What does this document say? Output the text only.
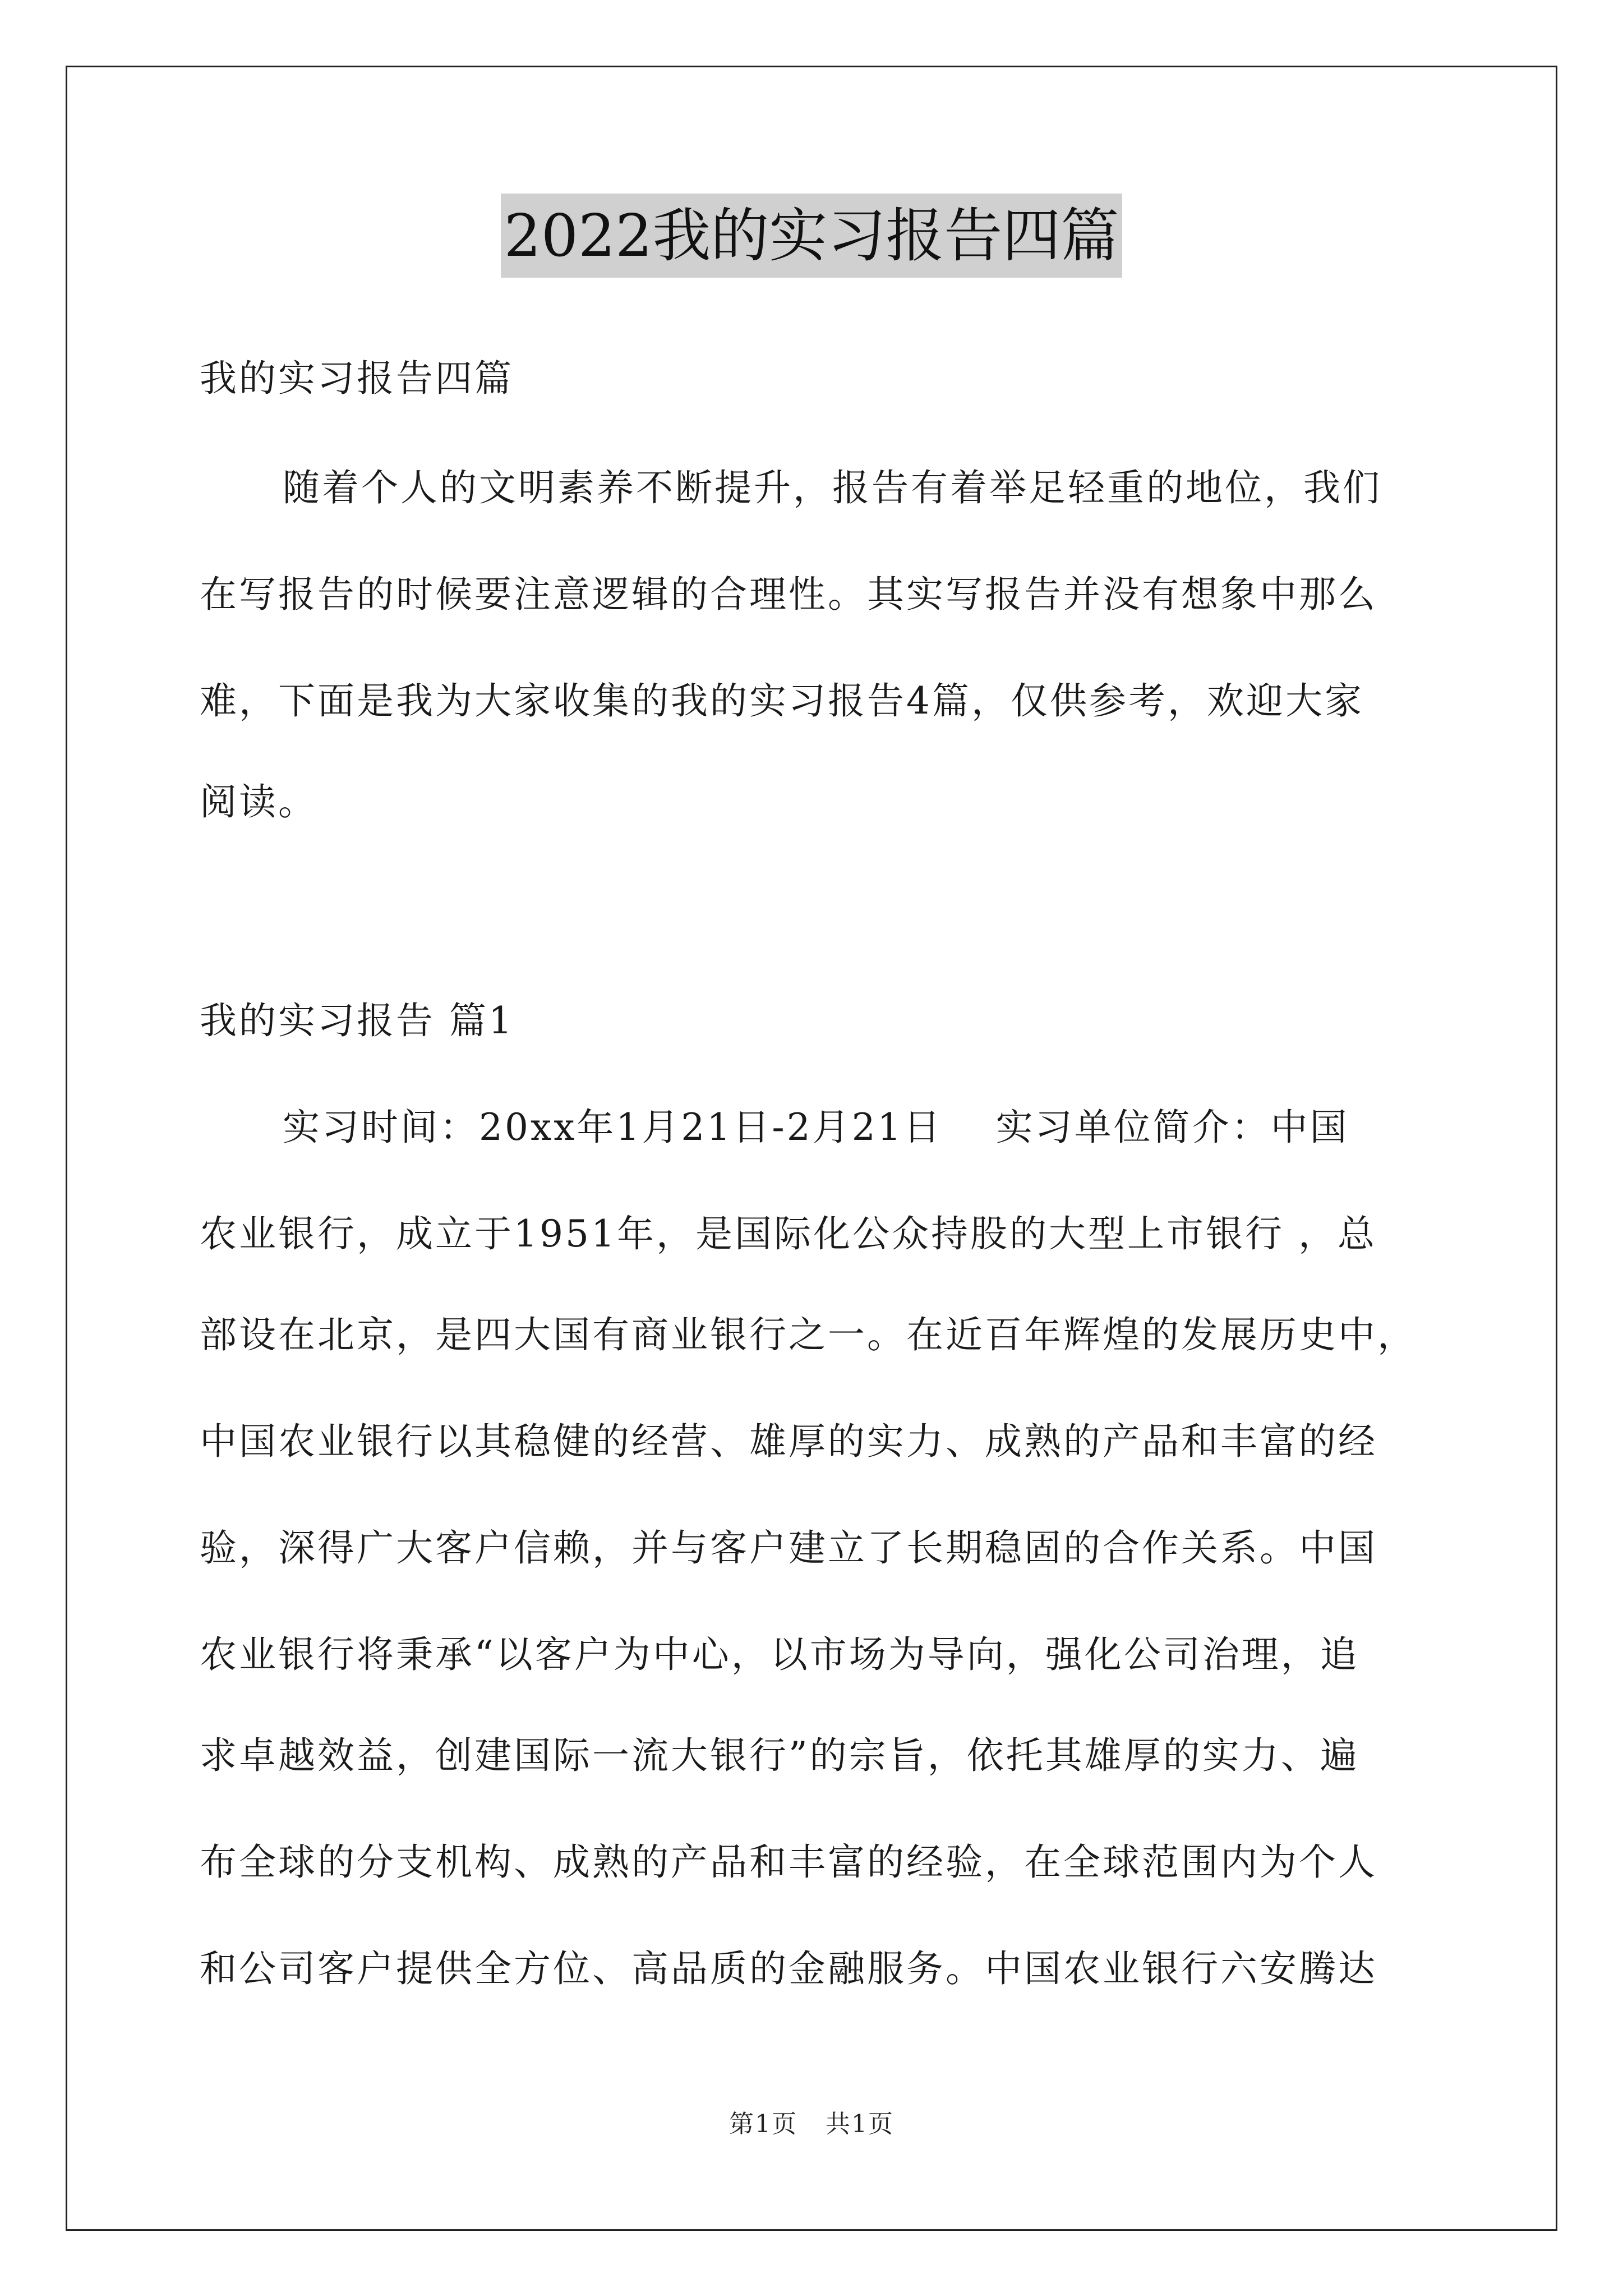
2022我的实习报告四篇
我的实习报告四篇
随着个人的文明素养不断提升，报告有着举足轻重的地位，我们
在写报告的时候要注意逻辑的合理性。其实写报告并没有想象中那么
难，下面是我为大家收集的我的实习报告4篇，仅供参考，欢迎大家
阅读。
我的实习报告 篇1
实习时间：20xx年1月21日-2月21日　 实习单位简介：中国
农业银行，成立于1951年，是国际化公众持股的大型上市银行 ，总
部设在北京，是四大国有商业银行之一。在近百年辉煌的发展历史中，
中国农业银行以其稳健的经营、雄厚的实力、成熟的产品和丰富的经
验，深得广大客户信赖，并与客户建立了长期稳固的合作关系。中国
农业银行将秉承“以客户为中心，以市场为导向，强化公司治理，追
求卓越效益，创建国际一流大银行”的宗旨，依托其雄厚的实力、遍
布全球的分支机构、成熟的产品和丰富的经验，在全球范围内为个人
和公司客户提供全方位、高品质的金融服务。中国农业银行六安腾达
第1页 共1页
